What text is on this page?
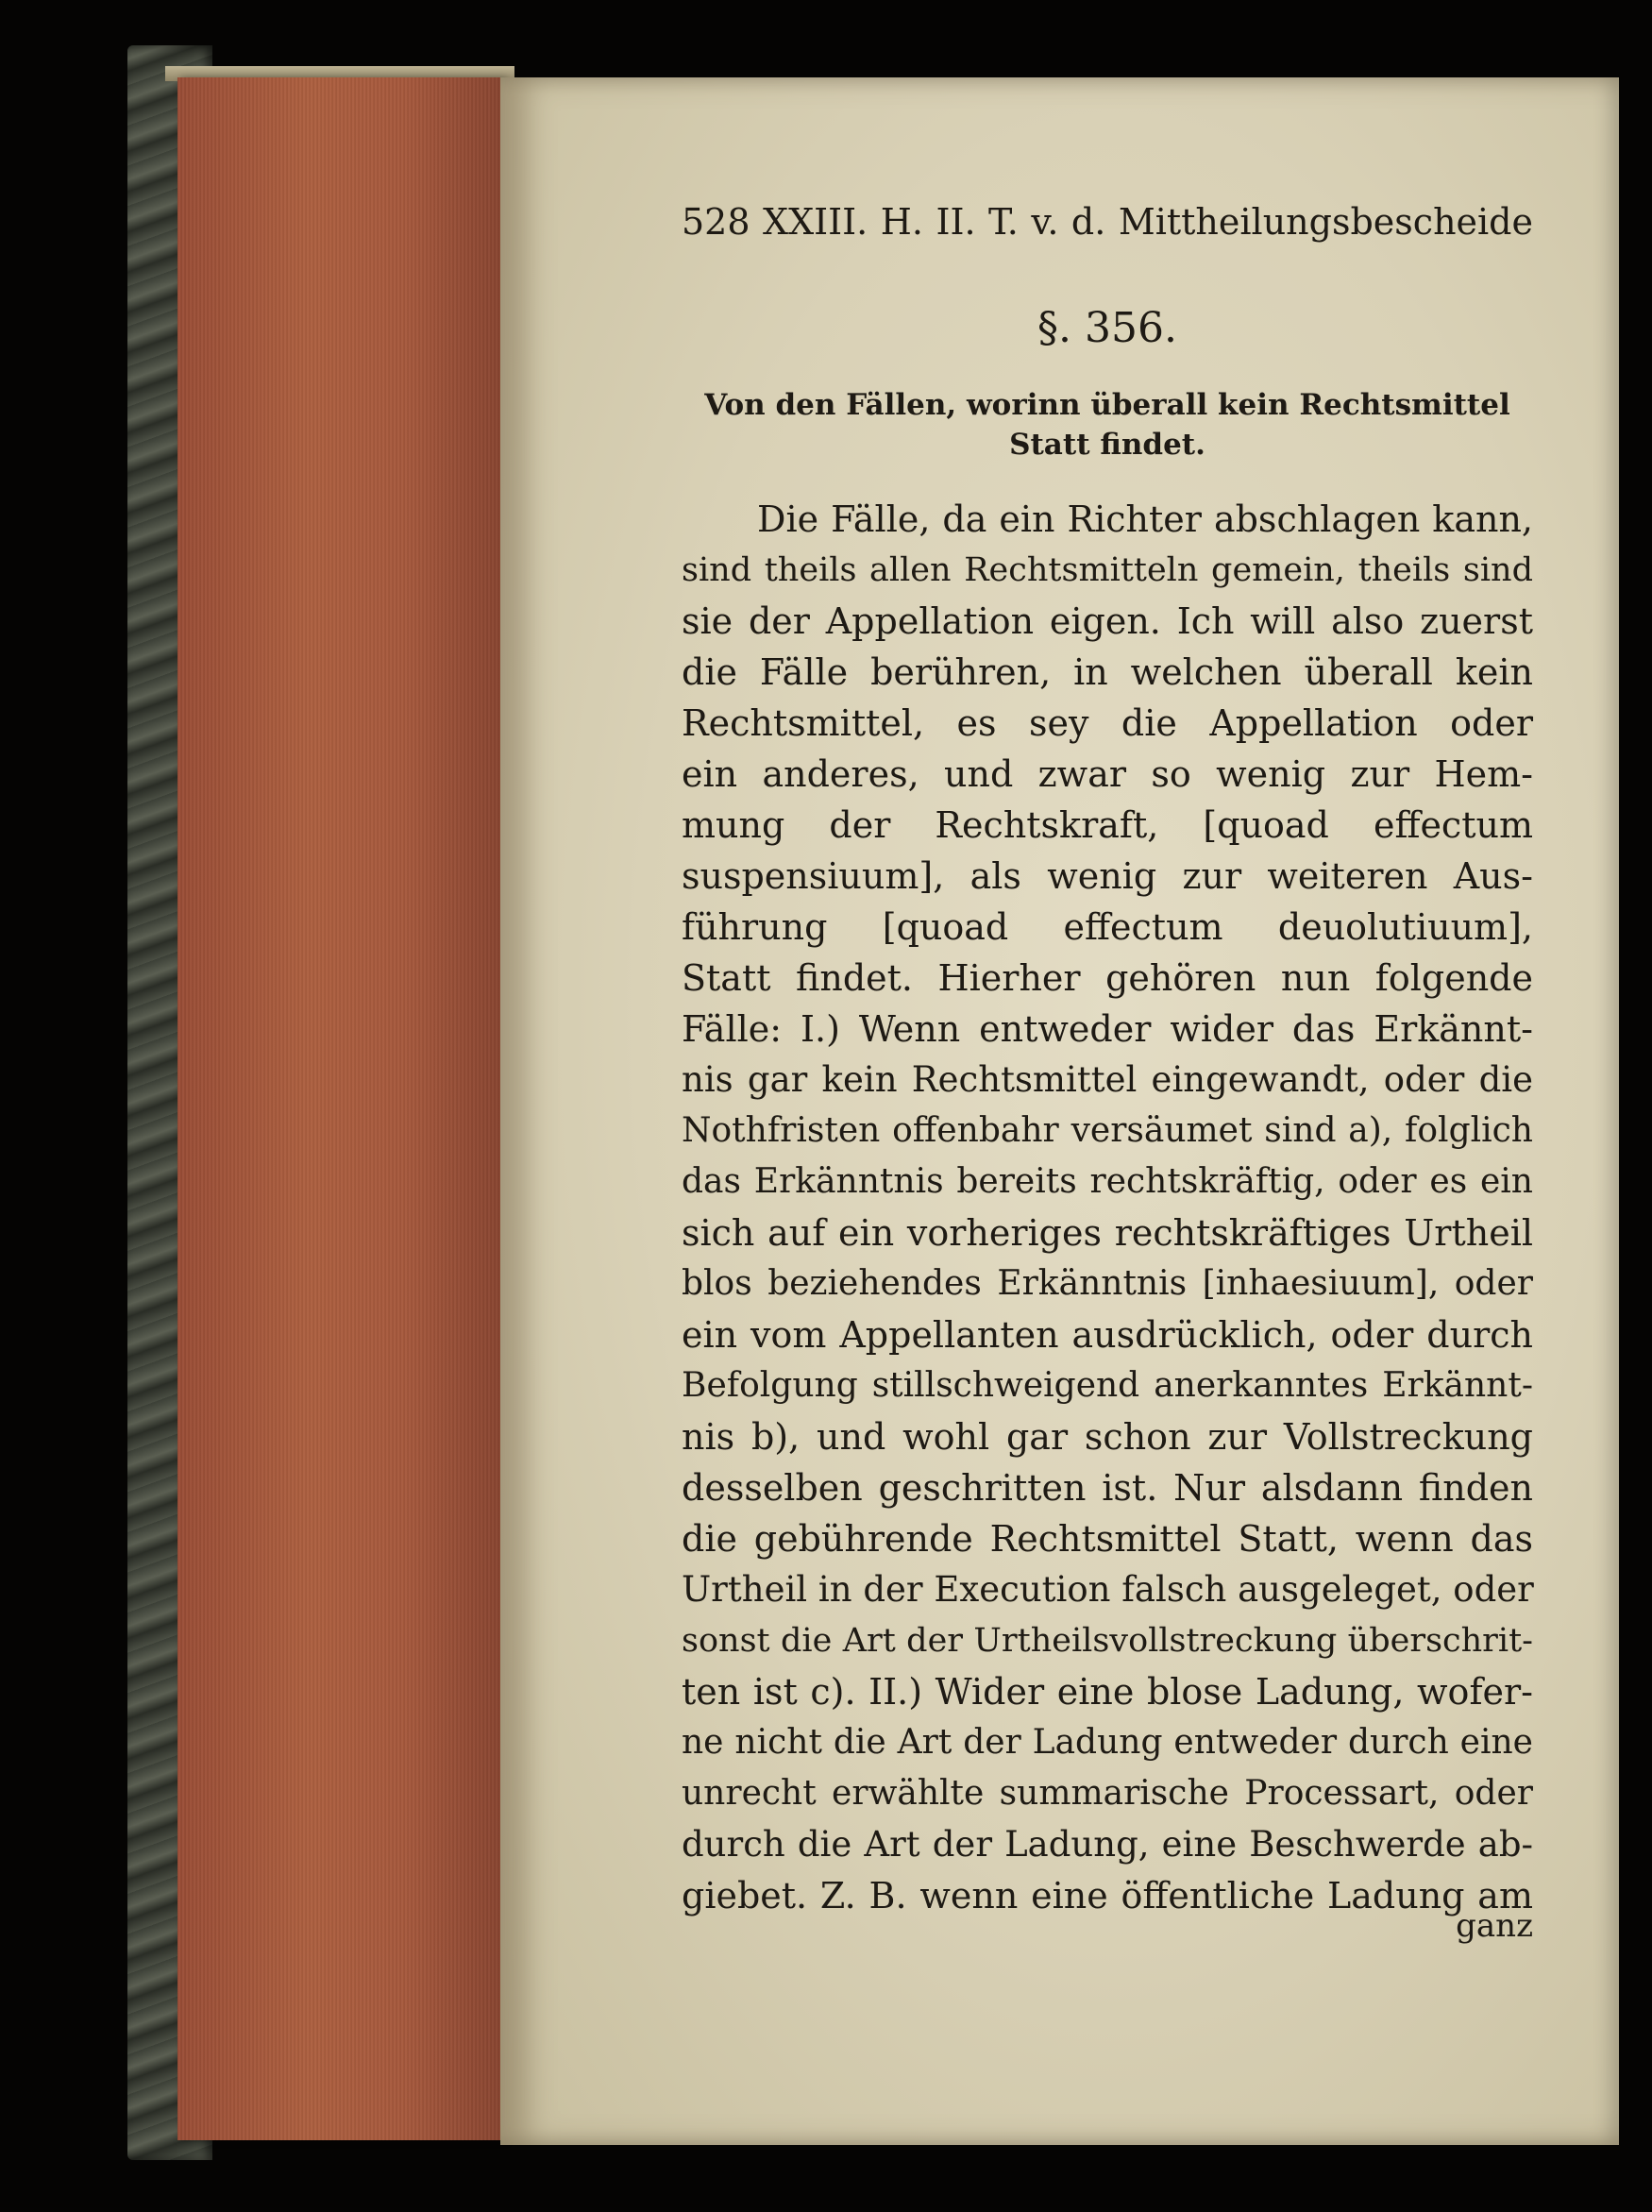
528 XXIII. H. II. T. v. d. Mittheilungsbescheide
§. 356.
Von den Fällen, worinn überall kein Rechtsmittel
Statt findet.
Die Fälle, da ein Richter abschlagen kann,
sind theils allen Rechtsmitteln gemein, theils sind
sie der Appellation eigen. Ich will also zuerst
die Fälle berühren, in welchen überall kein
Rechtsmittel, es sey die Appellation oder
ein anderes, und zwar so wenig zur Hem-
mung der Rechtskraft, [quoad effectum
suspensiuum], als wenig zur weiteren Aus-
führung [quoad effectum deuolutiuum],
Statt findet. Hierher gehören nun folgende
Fälle: I.) Wenn entweder wider das Erkännt-
nis gar kein Rechtsmittel eingewandt, oder die
Nothfristen offenbahr versäumet sind a), folglich
das Erkänntnis bereits rechtskräftig, oder es ein
sich auf ein vorheriges rechtskräftiges Urtheil
blos beziehendes Erkänntnis [inhaesiuum], oder
ein vom Appellanten ausdrücklich, oder durch
Befolgung stillschweigend anerkanntes Erkännt-
nis b), und wohl gar schon zur Vollstreckung
desselben geschritten ist. Nur alsdann finden
die gebührende Rechtsmittel Statt, wenn das
Urtheil in der Execution falsch ausgeleget, oder
sonst die Art der Urtheilsvollstreckung überschrit-
ten ist c). II.) Wider eine blose Ladung, wofer-
ne nicht die Art der Ladung entweder durch eine
unrecht erwählte summarische Processart, oder
durch die Art der Ladung, eine Beschwerde ab-
giebet. Z. B. wenn eine öffentliche Ladung am
ganz
